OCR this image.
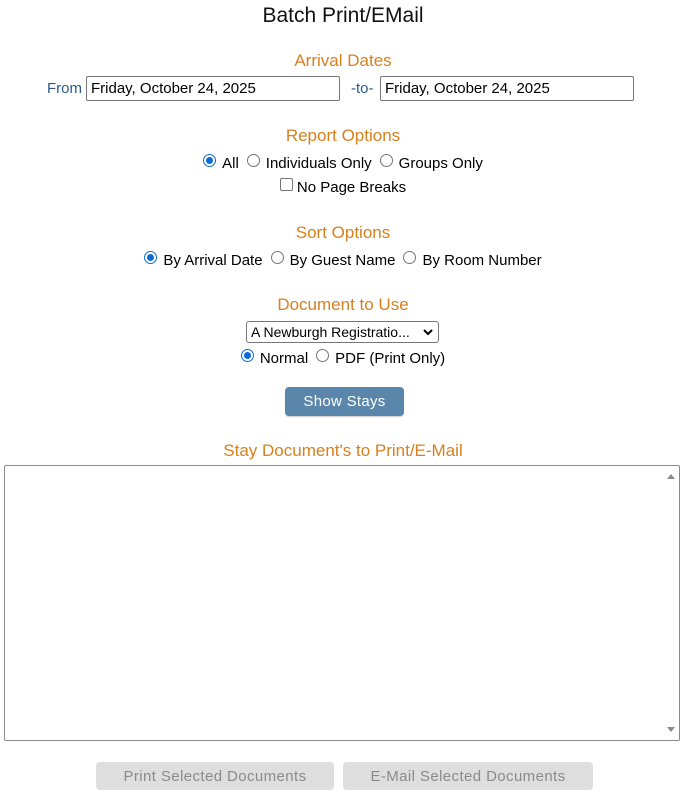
Batch Print/EMail
Arrival Dates
From
Friday, October 24, 2025	-to-
Friday, October 24, 2025
Report Options
All Individuals Only Groups Only
No Page Breaks
Sort Options
By Arrival Date By Guest Name By Room Number
Document to Use
A Newburgh Registratio...
Normal PDF (Print Only)
Show Stays
Stay Document's to Print/E-Mail
Print Selected Documents	E-Mail Selected Documents
